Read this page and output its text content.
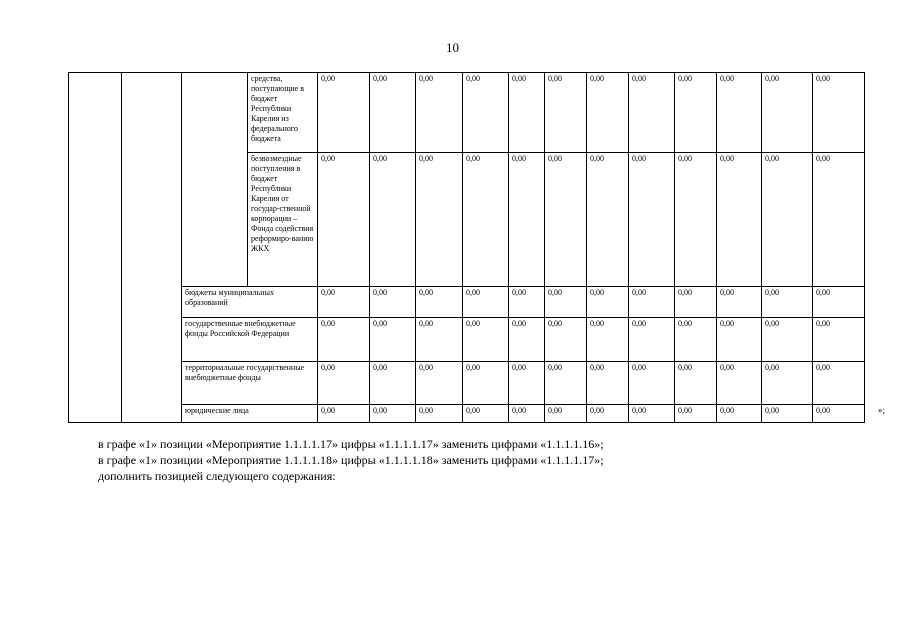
10
			средства, поступающие в бюджет Республики Карелия из федерального бюджета	0,00	0,00	0,00	0,00	0,00	0,00	0,00	0,00	0,00	0,00	0,00	0,00
			безвозмездные поступления в бюджет Республики Карелия от государ-ственной корпорации – Фонда содействия реформиро-ванию ЖКХ	0,00	0,00	0,00	0,00	0,00	0,00	0,00	0,00	0,00	0,00	0,00	0,00
		бюджеты муниципальных образований		0,00	0,00	0,00	0,00	0,00	0,00	0,00	0,00	0,00	0,00	0,00	0,00
		государственные внебюджетные фонды Российской Федерации		0,00	0,00	0,00	0,00	0,00	0,00	0,00	0,00	0,00	0,00	0,00	0,00
		территориальные государственные внебюджетные фонды		0,00	0,00	0,00	0,00	0,00	0,00	0,00	0,00	0,00	0,00	0,00	0,00
		юридические лица		0,00	0,00	0,00	0,00	0,00	0,00	0,00	0,00	0,00	0,00	0,00	0,00	»;

в графе «1» позиции «Мероприятие 1.1.1.1.17» цифры «1.1.1.1.17» заменить цифрами «1.1.1.1.16»;

в графе «1» позиции «Мероприятие 1.1.1.1.18» цифры «1.1.1.1.18» заменить цифрами «1.1.1.1.17»;

дополнить позицией следующего содержания:
